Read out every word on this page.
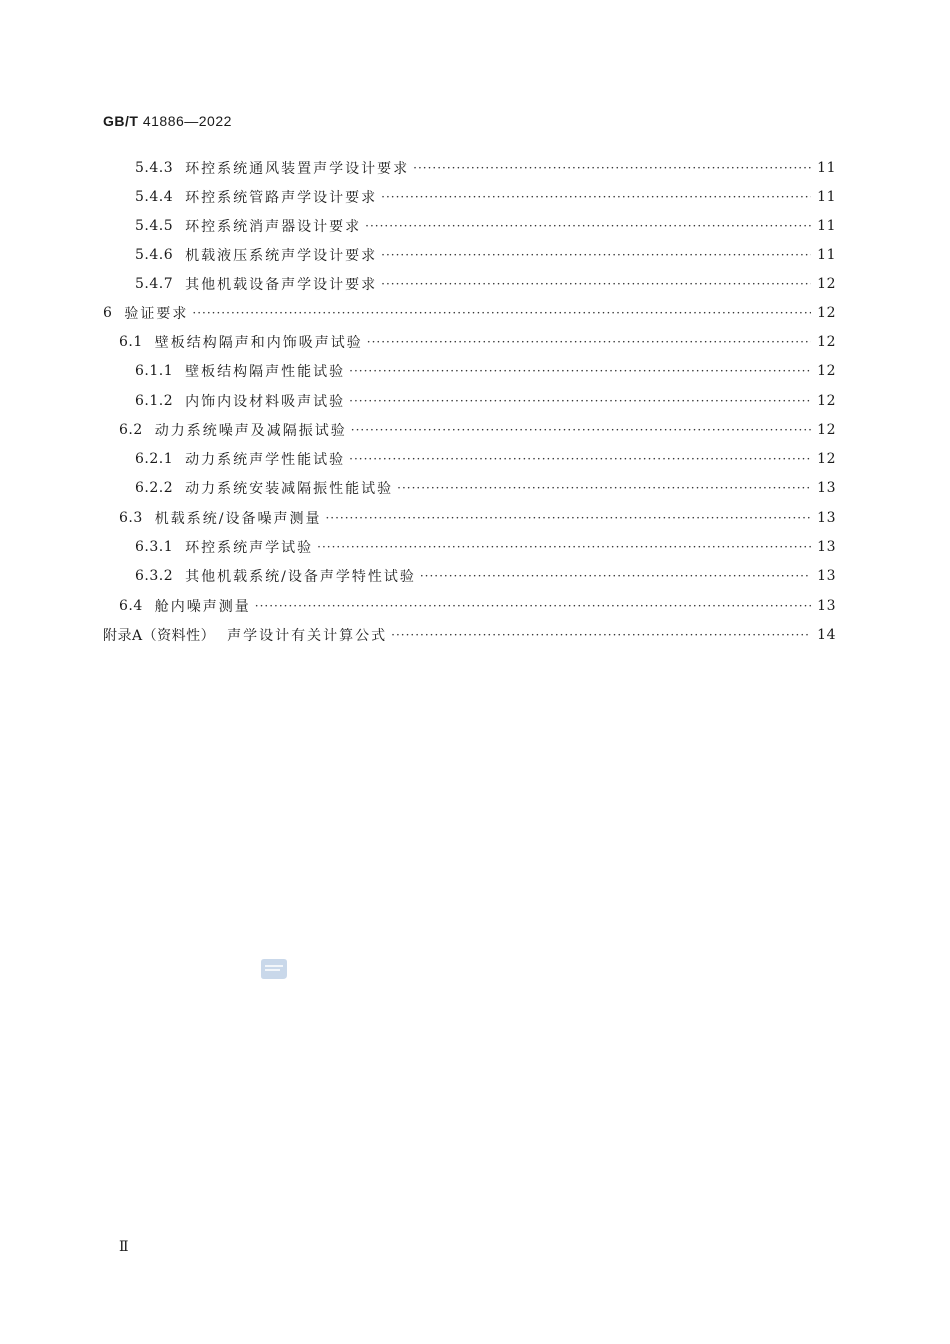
GB/T 41886—2022
5.4.3 环控系统通风装置声学设计要求 ·····	11
5.4.4 环控系统管路声学设计要求 ·····	11
5.4.5 环控系统消声器设计要求 ·····	11
5.4.6 机载液压系统声学设计要求 ·····	11
5.4.7 其他机载设备声学设计要求 ·····	12
6 验证要求 ·····	12
6.1 壁板结构隔声和内饰吸声试验 ·····	12
6.1.1 壁板结构隔声性能试验 ·····	12
6.1.2 内饰内设材料吸声试验 ·····	12
6.2 动力系统噪声及减隔振试验 ·····	12
6.2.1 动力系统声学性能试验 ·····	12
6.2.2 动力系统安装减隔振性能试验 ·····	13
6.3 机载系统/设备噪声测量 ·····	13
6.3.1 环控系统声学试验 ·····	13
6.3.2 其他机载系统/设备声学特性试验 ·····	13
6.4 舱内噪声测量 ·····	13
附录A（资料性） 声学设计有关计算公式 ·····	14
Ⅱ
